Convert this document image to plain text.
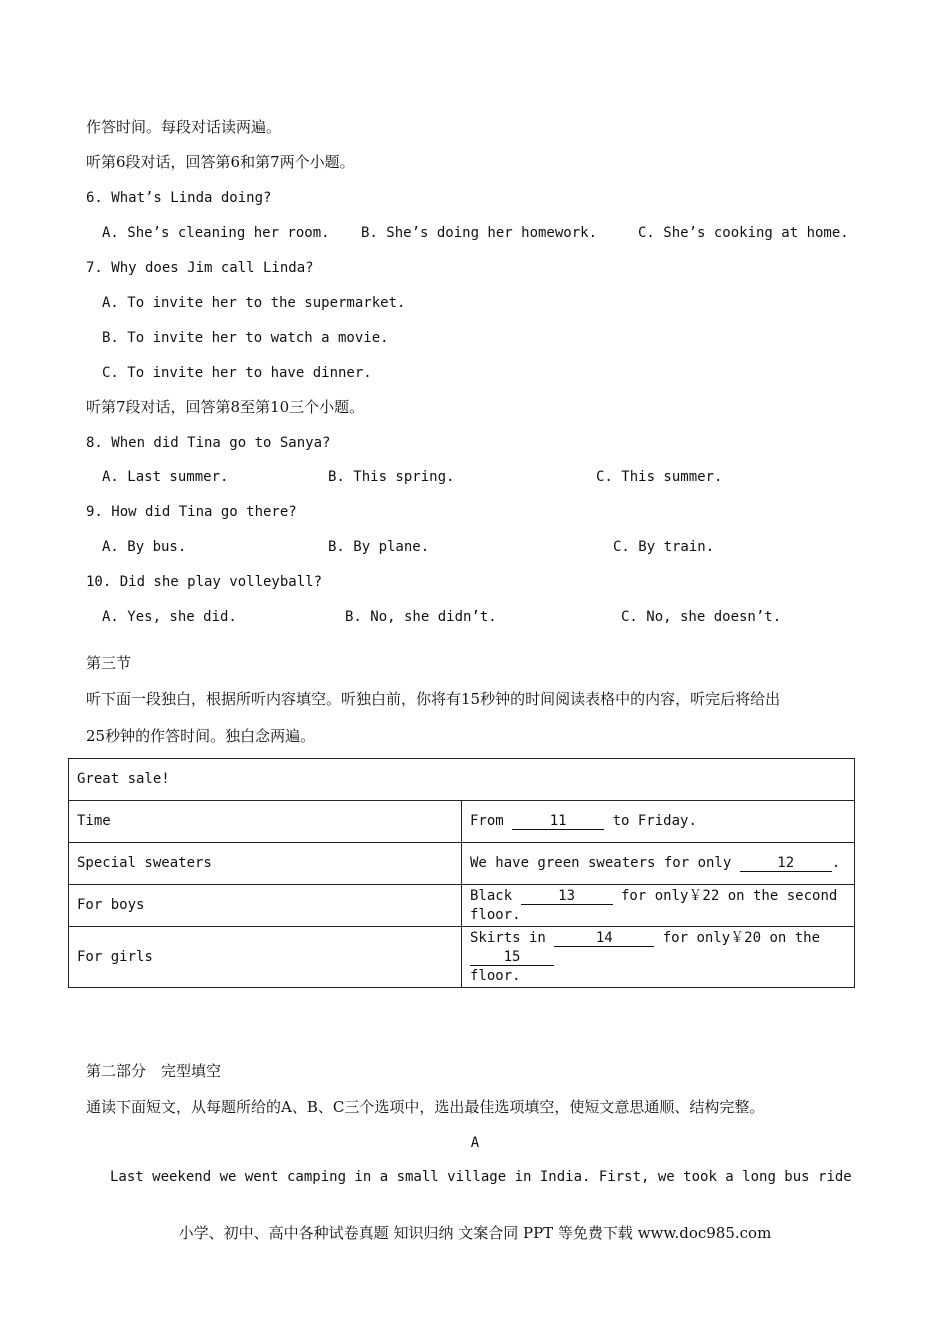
作答时间。每段对话读两遍。
听第6段对话，回答第6和第7两个小题。
6. What’s Linda doing?
A. She’s cleaning her room. B. She’s doing her homework.	C. She’s cooking at home.
7. Why does Jim call Linda?
A. To invite her to the supermarket.
B. To invite her to watch a movie.
C. To invite her to have dinner.
听第7段对话，回答第8至第10三个小题。
8. When did Tina go to Sanya?
A. Last summer.	B. This spring.	C. This summer.
9. How did Tina go there?
A. By bus.	B. By plane.	C. By train.
10. Did she play volleyball?
A. Yes, she did.	B. No, she didn’t.	C. No, she doesn’t.
第三节
听下面一段独白，根据所听内容填空。听独白前，你将有15秒钟的时间阅读表格中的内容，听完后将给出
25秒钟的作答时间。独白念两遍。
Great sale!	
Time	From 11 to Friday.
Special sweaters	We have green sweaters for only 12 .
For boys	Black 13 for only￥22 on the second floor.
For girls	Skirts in 14 for only￥20 on the 15
floor.
第二部分　完型填空
通读下面短文，从每题所给的A、B、C三个选项中，选出最佳选项填空，使短文意思通顺、结构完整。
A
Last weekend we went camping in a small village in India. First, we took a long bus ride
小学、初中、高中各种试卷真题 知识归纳 文案合同 PPT 等免费下载 www.doc985.com
